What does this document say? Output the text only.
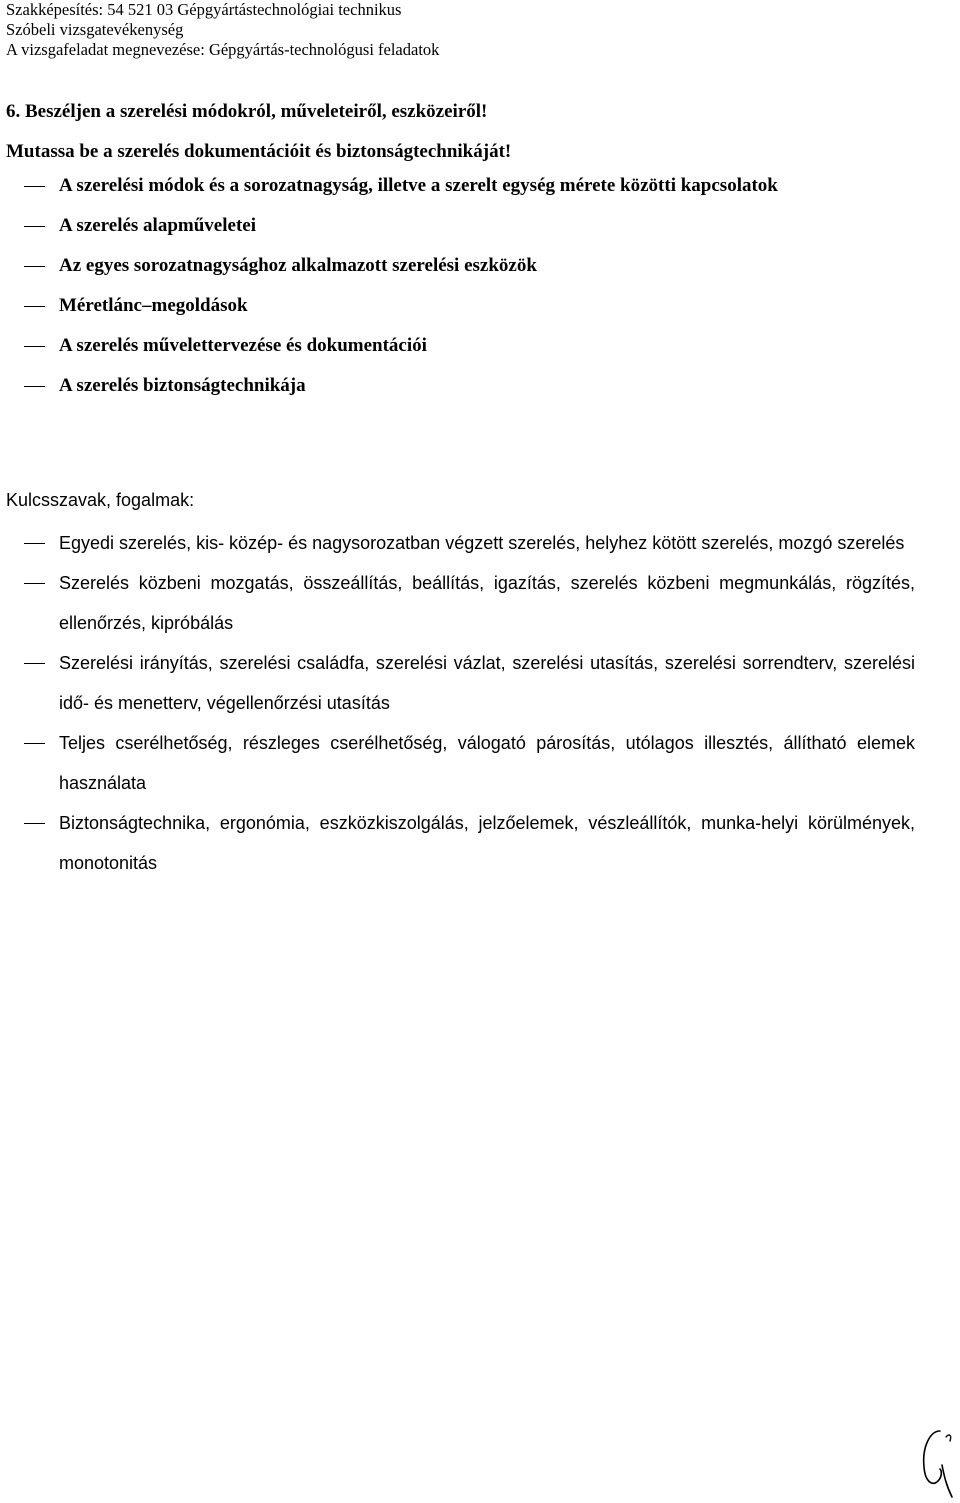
Szakképesítés: 54 521 03 Gépgyártástechnológiai technikus
Szóbeli vizsgatevékenység
A vizsgafeladat megnevezése: Gépgyártás-technológusi feladatok
6. Beszéljen a szerelési módokról, műveleteiről, eszközeiről!
Mutassa be a szerelés dokumentációit és biztonságtechnikáját!
A szerelési módok és a sorozatnagyság, illetve a szerelt egység mérete közötti kapcsolatok
A szerelés alapműveletei
Az egyes sorozatnagysághoz alkalmazott szerelési eszközök
Méretlánc–megoldások
A szerelés művelettervezése és dokumentációi
A szerelés biztonságtechnikája
Kulcsszavak, fogalmak:
Egyedi szerelés, kis- közép- és nagysorozatban végzett szerelés, helyhez kötött szerelés, mozgó szerelés
Szerelés közbeni mozgatás, összeállítás, beállítás, igazítás, szerelés közbeni megmunkálás, rögzítés, ellenőrzés, kipróbálás
Szerelési irányítás, szerelési családfa, szerelési vázlat, szerelési utasítás, szerelési sorrendterv, szerelési idő- és menetterv, végellenőrzési utasítás
Teljes cserélhetőség, részleges cserélhetőség, válogató párosítás, utólagos illesztés, állítható elemek használata
Biztonságtechnika, ergonómia, eszközkiszolgálás, jelzőelemek, vészleállítók, munka-helyi körülmények, monotonitás
